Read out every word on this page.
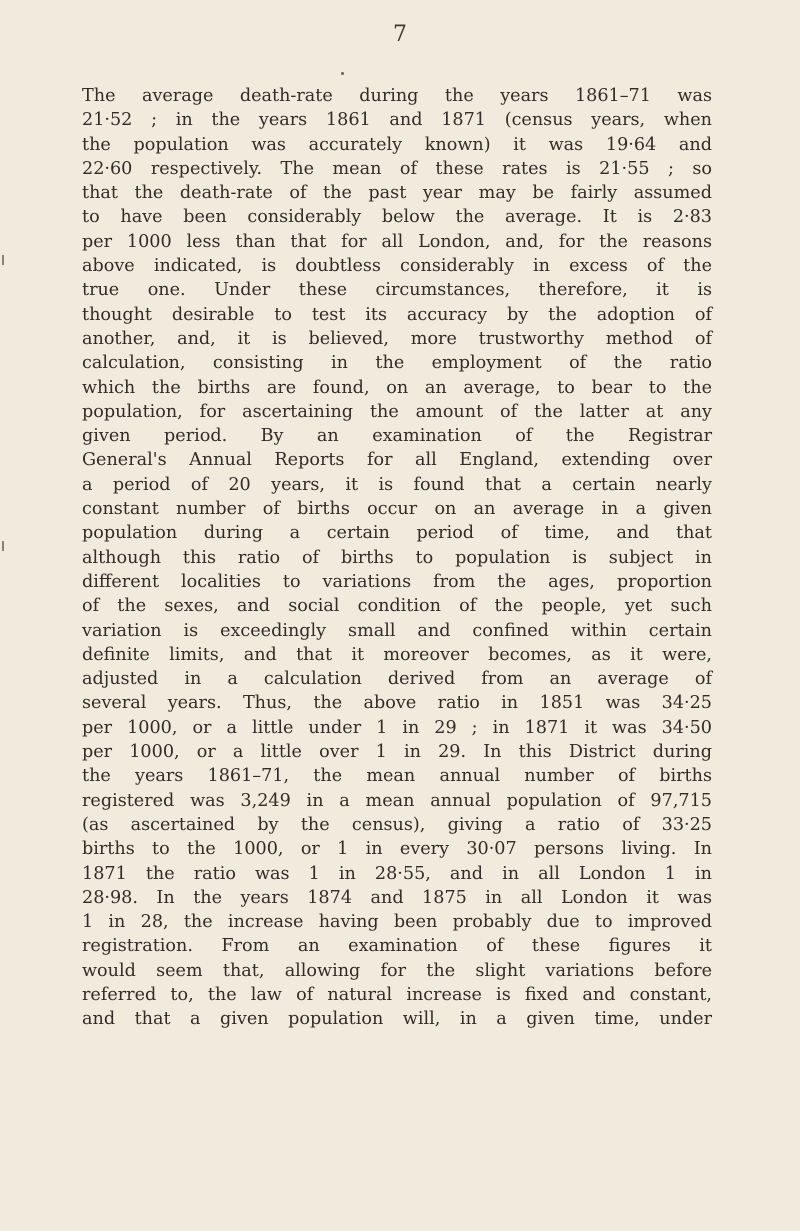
7
The average death-rate during the years 1861–71 was
21·52 ; in the years 1861 and 1871 (census years, when
the population was accurately known) it was 19·64 and
22·60 respectively. The mean of these rates is 21·55 ; so
that the death-rate of the past year may be fairly assumed
to have been considerably below the average. It is 2·83
per 1000 less than that for all London, and, for the reasons
above indicated, is doubtless considerably in excess of the
true one. Under these circumstances, therefore, it is
thought desirable to test its accuracy by the adoption of
another, and, it is believed, more trustworthy method of
calculation, consisting in the employment of the ratio
which the births are found, on an average, to bear to the
population, for ascertaining the amount of the latter at any
given period. By an examination of the Registrar
General's Annual Reports for all England, extending over
a period of 20 years, it is found that a certain nearly
constant number of births occur on an average in a given
population during a certain period of time, and that
although this ratio of births to population is subject in
different localities to variations from the ages, proportion
of the sexes, and social condition of the people, yet such
variation is exceedingly small and confined within certain
definite limits, and that it moreover becomes, as it were,
adjusted in a calculation derived from an average of
several years. Thus, the above ratio in 1851 was 34·25
per 1000, or a little under 1 in 29 ; in 1871 it was 34·50
per 1000, or a little over 1 in 29. In this District during
the years 1861–71, the mean annual number of births
registered was 3,249 in a mean annual population of 97,715
(as ascertained by the census), giving a ratio of 33·25
births to the 1000, or 1 in every 30·07 persons living. In
1871 the ratio was 1 in 28·55, and in all London 1 in
28·98. In the years 1874 and 1875 in all London it was
1 in 28, the increase having been probably due to improved
registration. From an examination of these figures it
would seem that, allowing for the slight variations before
referred to, the law of natural increase is fixed and constant,
and that a given population will, in a given time, under
